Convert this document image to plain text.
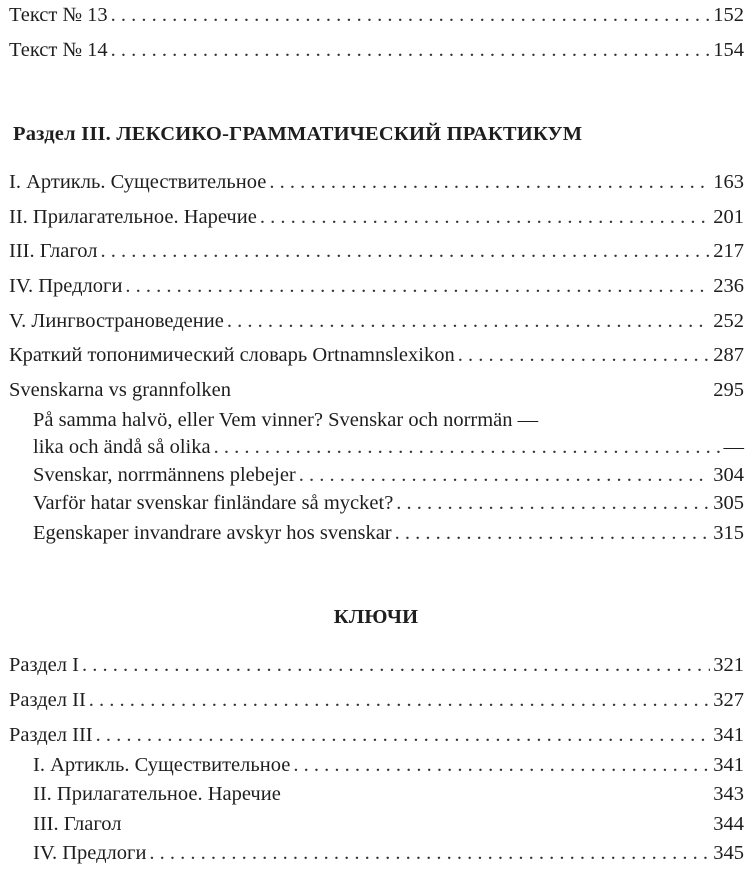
Текст № 13 . . .	152
Текст № 14 . . .	154
Раздел III. ЛЕКСИКО-ГРАММАТИЧЕСКИЙ ПРАКТИКУМ
I. Артикль. Существительное . . .	163
II. Прилагательное. Наречие . . .	201
III. Глагол . . .	217
IV. Предлоги . . .	236
V. Лингвострановедение . . .	252
Краткий топонимический словарь Ortnamnslexikon . . .	287
Svenskarna vs grannfolken	295
På samma halvö, eller Vem vinner? Svenskar och norrmän —
lika och ändå så olika . . .	—
Svenskar, norrmännens plebejer . . .	304
Varför hatar svenskar finländare så mycket? . . .	305
Egenskaper invandrare avskyr hos svenskar . . .	315
КЛЮЧИ
Раздел I . . .	321
Раздел II . . .	327
Раздел III . . .	341
I. Артикль. Существительное . . .	341
II. Прилагательное. Наречие	343
III. Глагол	344
IV. Предлоги . . .	345
